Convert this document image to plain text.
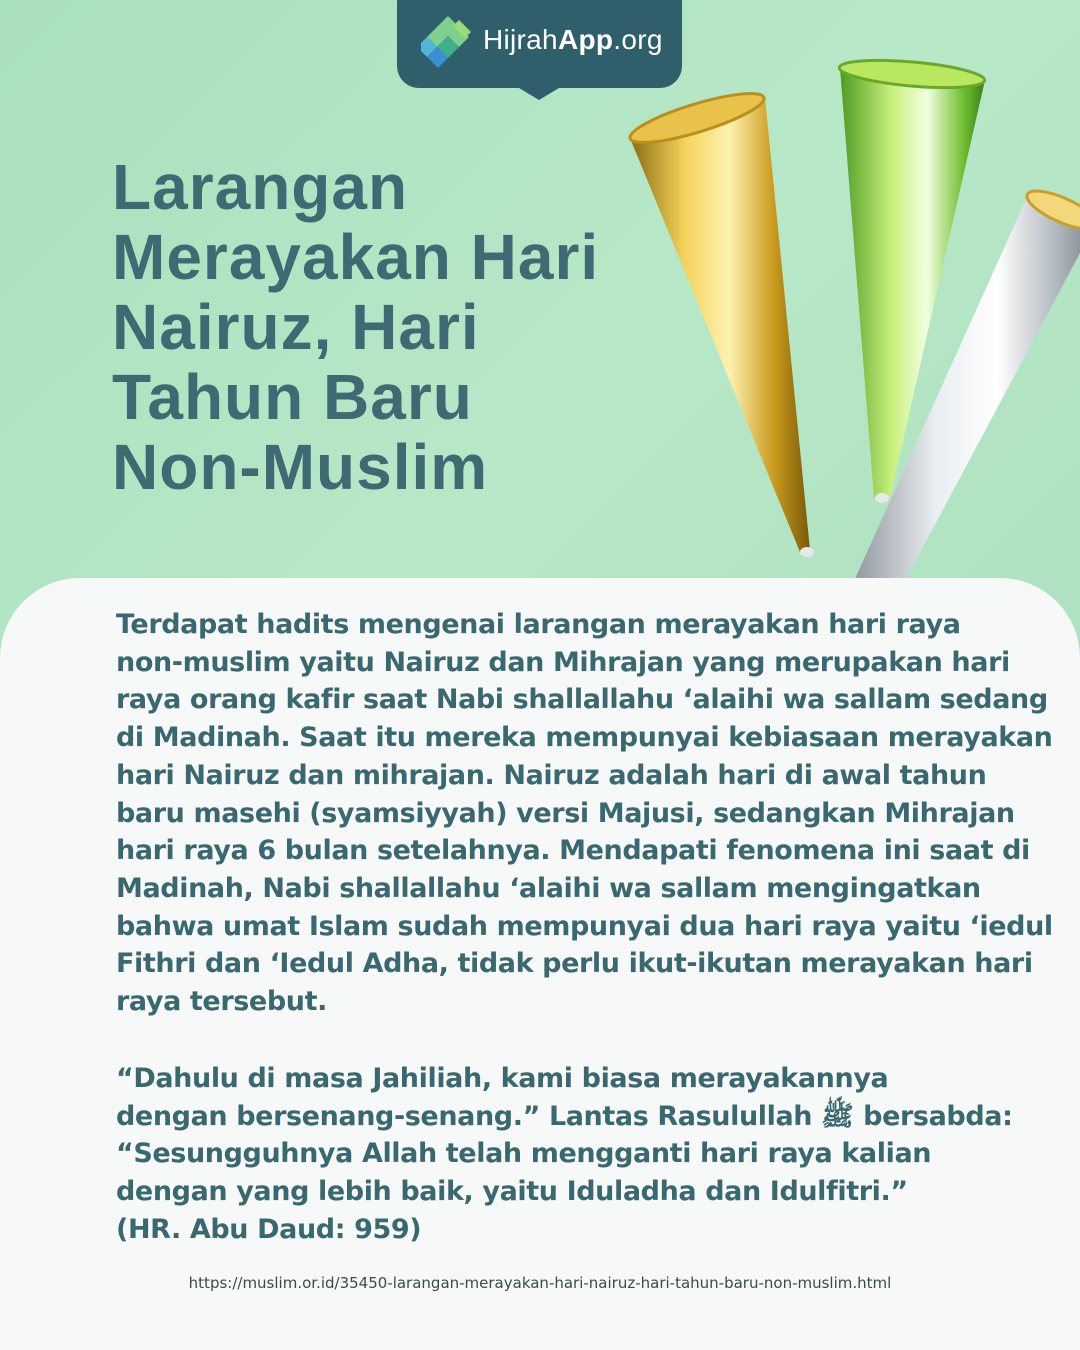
HijrahApp.org
Larangan
Merayakan Hari
Nairuz, Hari
Tahun Baru
Non-Muslim
Terdapat hadits mengenai larangan merayakan hari raya
non-muslim yaitu Nairuz dan Mihrajan yang merupakan hari
raya orang kafir saat Nabi shallallahu ‘alaihi wa sallam sedang
di Madinah. Saat itu mereka mempunyai kebiasaan merayakan
hari Nairuz dan mihrajan. Nairuz adalah hari di awal tahun
baru masehi (syamsiyyah) versi Majusi, sedangkan Mihrajan
hari raya 6 bulan setelahnya. Mendapati fenomena ini saat di
Madinah, Nabi shallallahu ‘alaihi wa sallam mengingatkan
bahwa umat Islam sudah mempunyai dua hari raya yaitu ‘iedul
Fithri dan ‘Iedul Adha, tidak perlu ikut-ikutan merayakan hari
raya tersebut.
“Dahulu di masa Jahiliah, kami biasa merayakannya
dengan bersenang-senang.” Lantas Rasulullah ﷺ bersabda:
“Sesungguhnya Allah telah mengganti hari raya kalian
dengan yang lebih baik, yaitu Iduladha dan Idulfitri.”
(HR. Abu Daud: 959)
https://muslim.or.id/35450-larangan-merayakan-hari-nairuz-hari-tahun-baru-non-muslim.html
